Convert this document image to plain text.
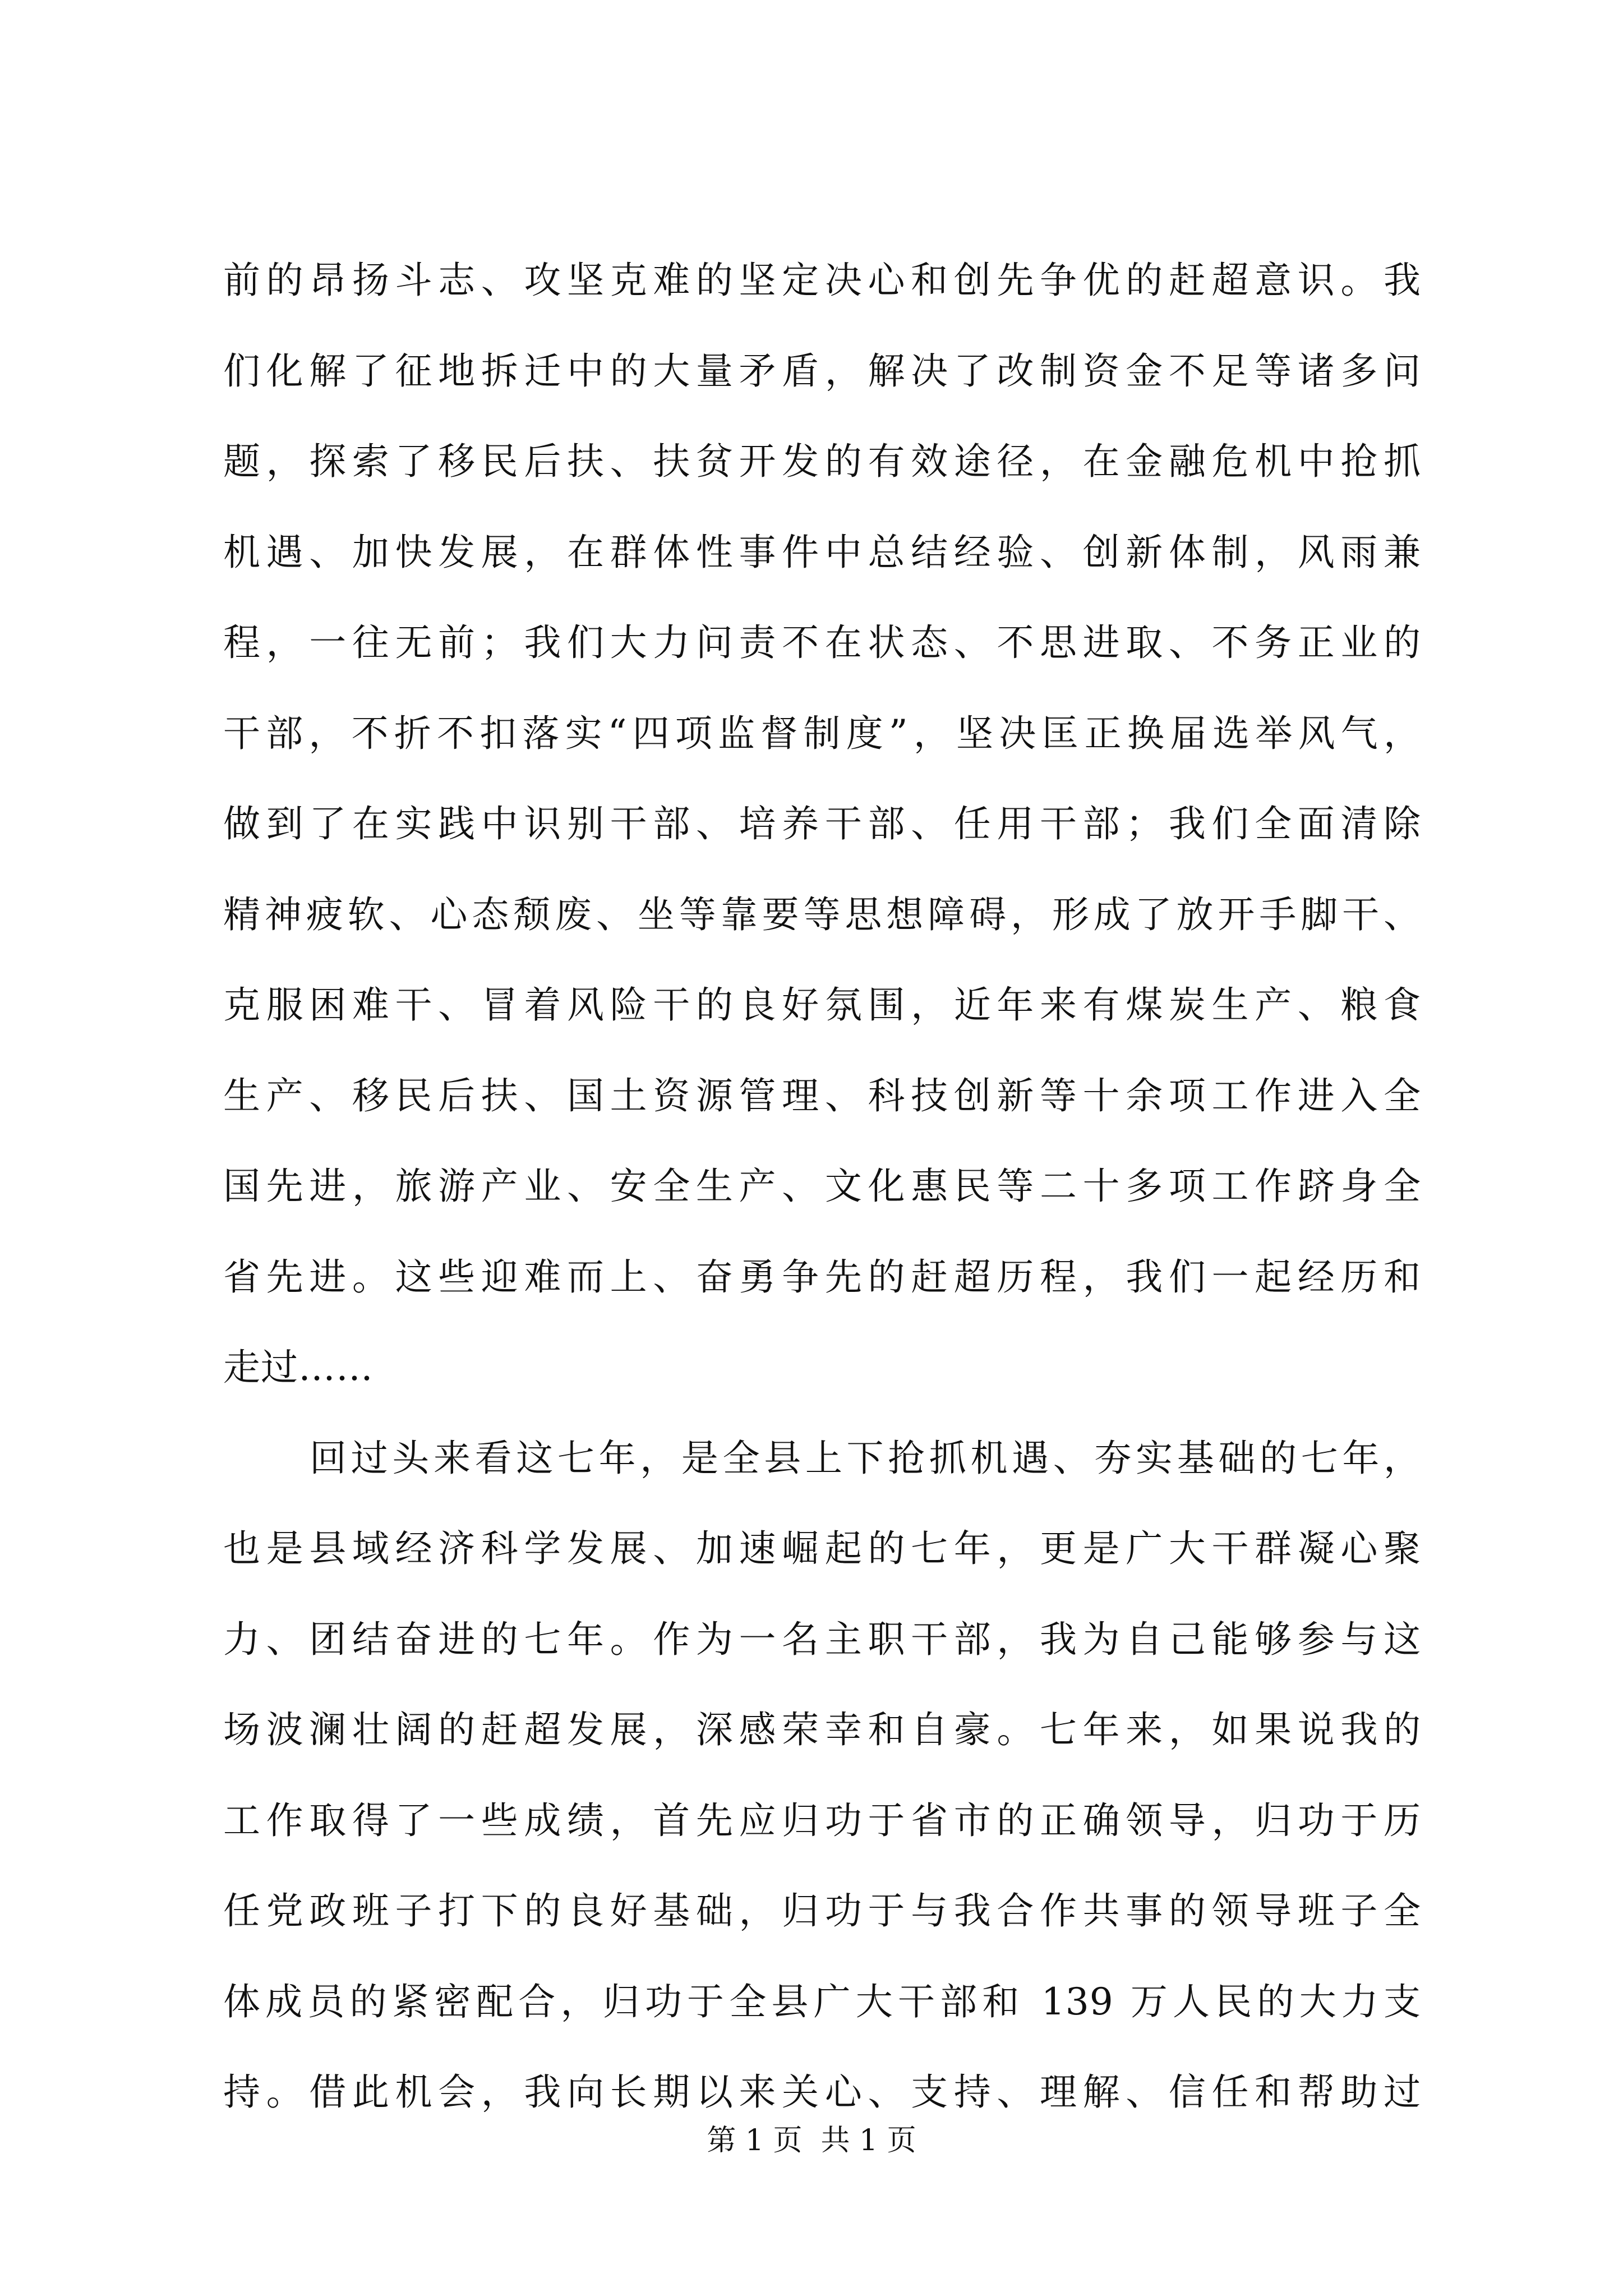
前的昂扬斗志、攻坚克难的坚定决心和创先争优的赶超意识。我
们化解了征地拆迁中的大量矛盾，解决了改制资金不足等诸多问
题，探索了移民后扶、扶贫开发的有效途径，在金融危机中抢抓
机遇、加快发展，在群体性事件中总结经验、创新体制，风雨兼
程，一往无前；我们大力问责不在状态、不思进取、不务正业的
干部，不折不扣落实“四项监督制度”，坚决匡正换届选举风气，
做到了在实践中识别干部、培养干部、任用干部；我们全面清除
精神疲软、心态颓废、坐等靠要等思想障碍，形成了放开手脚干、
克服困难干、冒着风险干的良好氛围，近年来有煤炭生产、粮食
生产、移民后扶、国土资源管理、科技创新等十余项工作进入全
国先进，旅游产业、安全生产、文化惠民等二十多项工作跻身全
省先进。这些迎难而上、奋勇争先的赶超历程，我们一起经历和
走过……
回过头来看这七年，是全县上下抢抓机遇、夯实基础的七年，
也是县域经济科学发展、加速崛起的七年，更是广大干群凝心聚
力、团结奋进的七年。作为一名主职干部，我为自己能够参与这
场波澜壮阔的赶超发展，深感荣幸和自豪。七年来，如果说我的
工作取得了一些成绩，首先应归功于省市的正确领导，归功于历
任党政班子打下的良好基础，归功于与我合作共事的领导班子全
体成员的紧密配合，归功于全县广大干部和 139 万人民的大力支
持。借此机会，我向长期以来关心、支持、理解、信任和帮助过
第 1 页  共 1 页
